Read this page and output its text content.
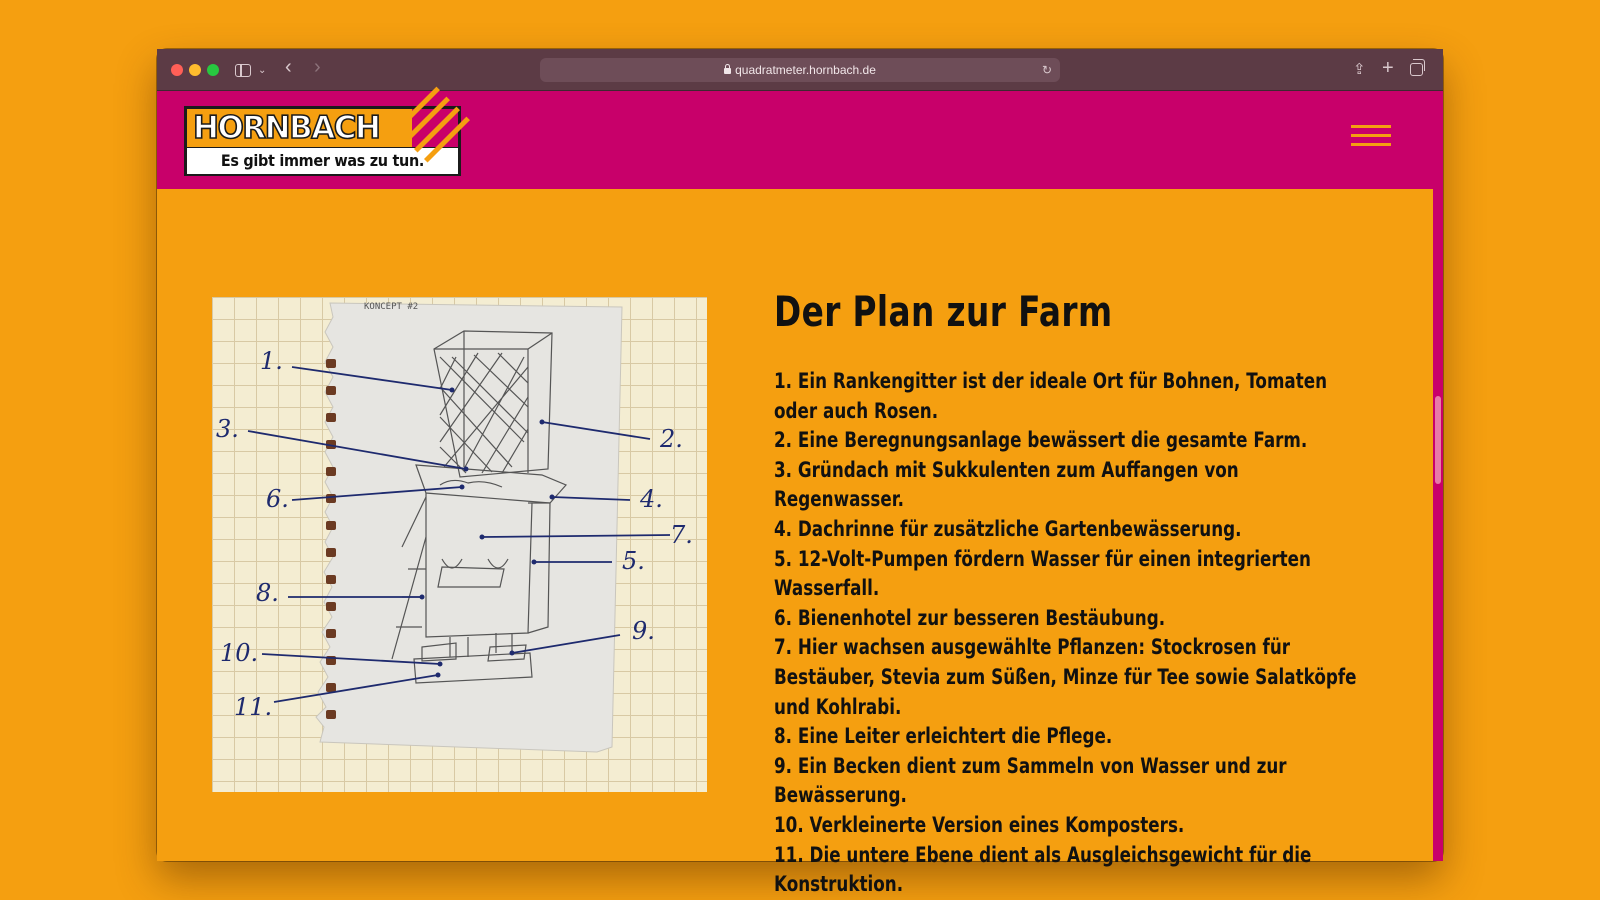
⌄ ‹ ›	quadratmeter.hornbach.de	↻	⇪ +
HORNBACH
Es gibt immer was zu tun.
KONCEPT #2
1.
2.
3.
4.
5.
6.
7.
8.
9.
10.
11.
Der Plan zur Farm
1. Ein Rankengitter ist der ideale Ort für Bohnen, Tomaten oder auch Rosen.
2. Eine Beregnungsanlage bewässert die gesamte Farm.
3. Gründach mit Sukkulenten zum Auffangen von Regenwasser.
4. Dachrinne für zusätzliche Gartenbewässerung.
5. 12-Volt-Pumpen fördern Wasser für einen integrierten Wasserfall.
6. Bienenhotel zur besseren Bestäubung.
7. Hier wachsen ausgewählte Pflanzen: Stockrosen für Bestäuber, Stevia zum Süßen, Minze für Tee sowie Salatköpfe und Kohlrabi.
8. Eine Leiter erleichtert die Pflege.
9. Ein Becken dient zum Sammeln von Wasser und zur Bewässerung.
10. Verkleinerte Version eines Komposters.
11. Die untere Ebene dient als Ausgleichsgewicht für die Konstruktion.
